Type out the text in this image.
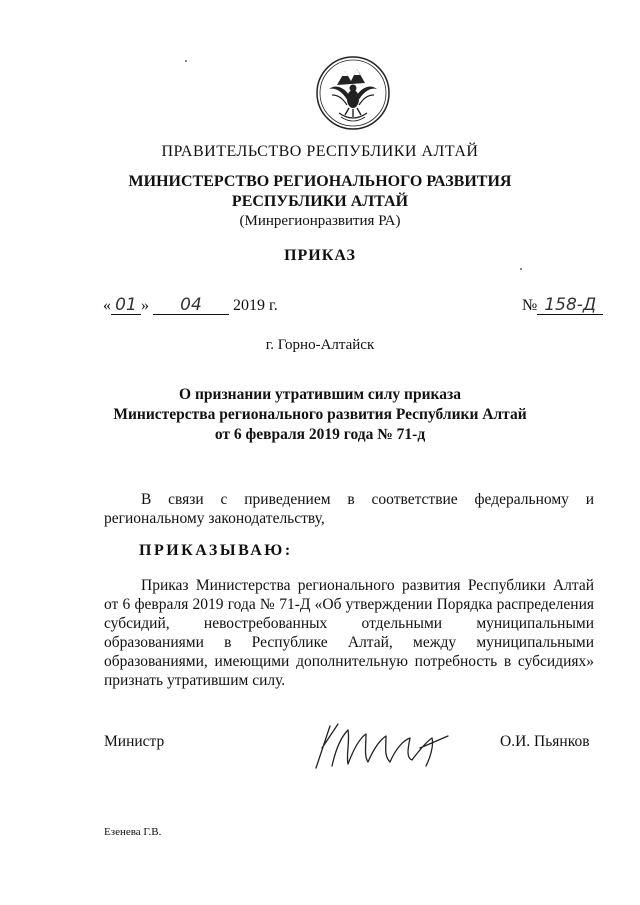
ПРАВИТЕЛЬСТВО РЕСПУБЛИКИ АЛТАЙ
МИНИСТЕРСТВО РЕГИОНАЛЬНОГО РАЗВИТИЯ
РЕСПУБЛИКИ АЛТАЙ
(Минрегионразвития РА)
ПРИКАЗ
« 01 » 04 2019 г.	№ 158-Д
г. Горно-Алтайск
О признании утратившим силу приказа
Министерства регионального развития Республики Алтай
от 6 февраля 2019 года № 71-д
В связи с приведением в соответствие федеральному и региональному законодательству,
ПРИКАЗЫВАЮ:
Приказ Министерства регионального развития Республики Алтай от 6 февраля 2019 года № 71-Д «Об утверждении Порядка распределения субсидий, невостребованных отдельными муниципальными образованиями в Республике Алтай, между муниципальными образованиями, имеющими дополнительную потребность в субсидиях» признать утратившим силу.
Министр	О.И. Пьянков
Езенева Г.В.
